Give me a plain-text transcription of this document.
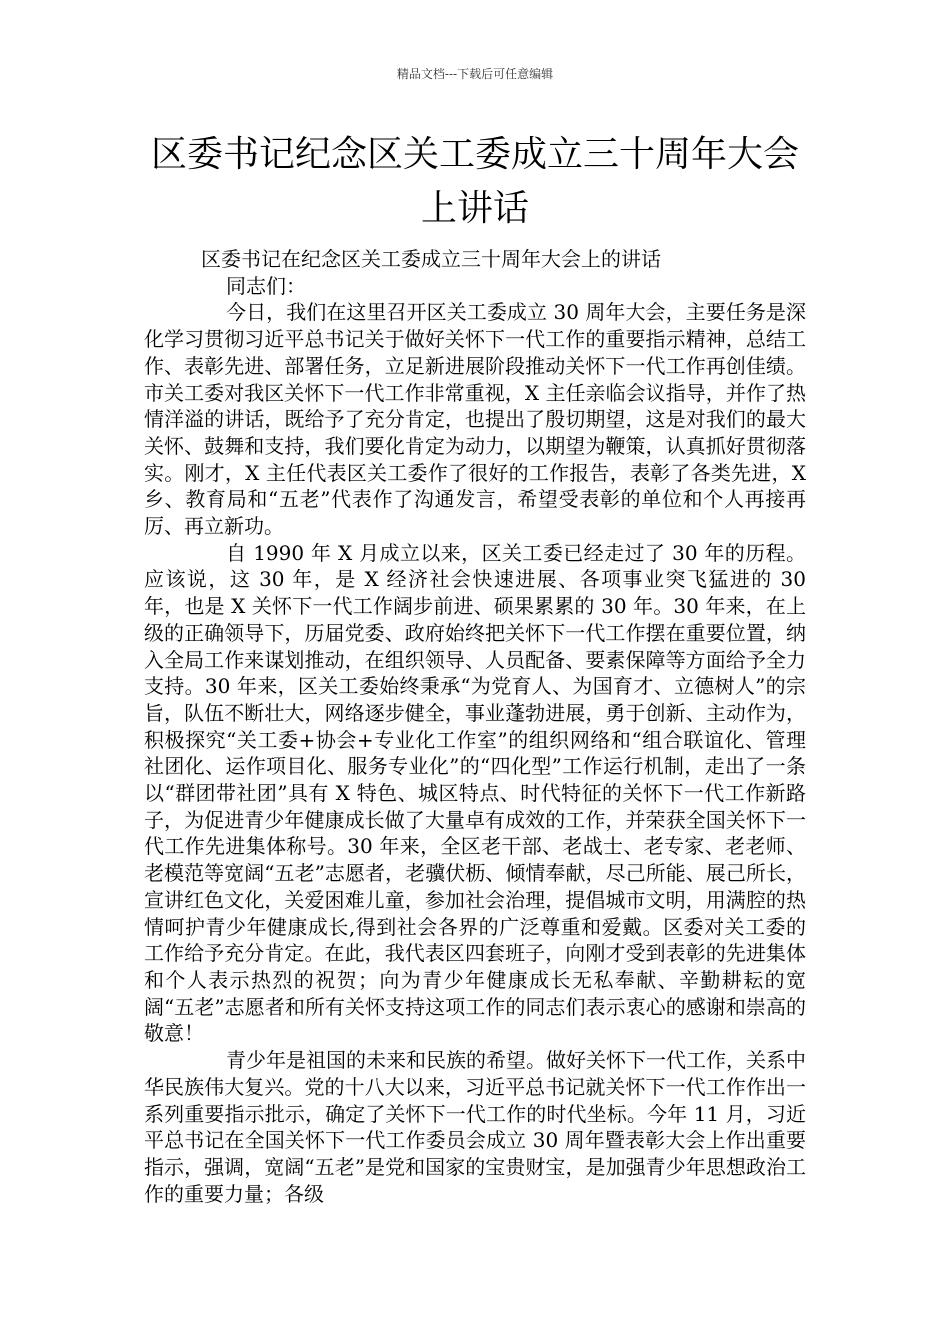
精品文档---下载后可任意编辑
区委书记纪念区关工委成立三十周年大会上讲话

区委书记在纪念区关工委成立三十周年大会上的讲话

同志们：

今日，我们在这里召开区关工委成立 30 周年大会，主要任务是深化学习贯彻习近平总书记关于做好关怀下一代工作的重要指示精神，总结工作、表彰先进、部署任务，立足新进展阶段推动关怀下一代工作再创佳绩。市关工委对我区关怀下一代工作非常重视，X 主任亲临会议指导，并作了热情洋溢的讲话，既给予了充分肯定，也提出了殷切期望，这是对我们的最大关怀、鼓舞和支持，我们要化肯定为动力，以期望为鞭策，认真抓好贯彻落实。刚才，X 主任代表区关工委作了很好的工作报告，表彰了各类先进，X 乡、教育局和“五老”代表作了沟通发言，希望受表彰的单位和个人再接再厉、再立新功。

自 1990 年 X 月成立以来，区关工委已经走过了 30 年的历程。应该说，这 30 年，是 X 经济社会快速进展、各项事业突飞猛进的 30 年，也是 X 关怀下一代工作阔步前进、硕果累累的 30 年。30 年来，在上级的正确领导下，历届党委、政府始终把关怀下一代工作摆在重要位置，纳入全局工作来谋划推动，在组织领导、人员配备、要素保障等方面给予全力支持。30 年来，区关工委始终秉承“为党育人、为国育才、立德树人”的宗旨，队伍不断壮大，网络逐步健全，事业蓬勃进展，勇于创新、主动作为，积极探究“关工委+协会+专业化工作室”的组织网络和“组合联谊化、管理社团化、运作项目化、服务专业化”的“四化型”工作运行机制，走出了一条以“群团带社团”具有 X 特色、城区特点、时代特征的关怀下一代工作新路子，为促进青少年健康成长做了大量卓有成效的工作，并荣获全国关怀下一代工作先进集体称号。30 年来，全区老干部、老战士、老专家、老老师、老模范等宽阔“五老”志愿者，老骥伏枥、倾情奉献，尽己所能、展己所长，宣讲红色文化，关爱困难儿童，参加社会治理，提倡城市文明，用满腔的热情呵护青少年健康成长,得到社会各界的广泛尊重和爱戴。区委对关工委的工作给予充分肯定。在此，我代表区四套班子，向刚才受到表彰的先进集体和个人表示热烈的祝贺；向为青少年健康成长无私奉献、辛勤耕耘的宽阔“五老”志愿者和所有关怀支持这项工作的同志们表示衷心的感谢和崇高的敬意！

青少年是祖国的未来和民族的希望。做好关怀下一代工作，关系中华民族伟大复兴。党的十八大以来，习近平总书记就关怀下一代工作作出一系列重要指示批示，确定了关怀下一代工作的时代坐标。今年 11 月，习近平总书记在全国关怀下一代工作委员会成立 30 周年暨表彰大会上作出重要指示，强调，宽阔“五老”是党和国家的宝贵财宝，是加强青少年思想政治工作的重要力量；各级
